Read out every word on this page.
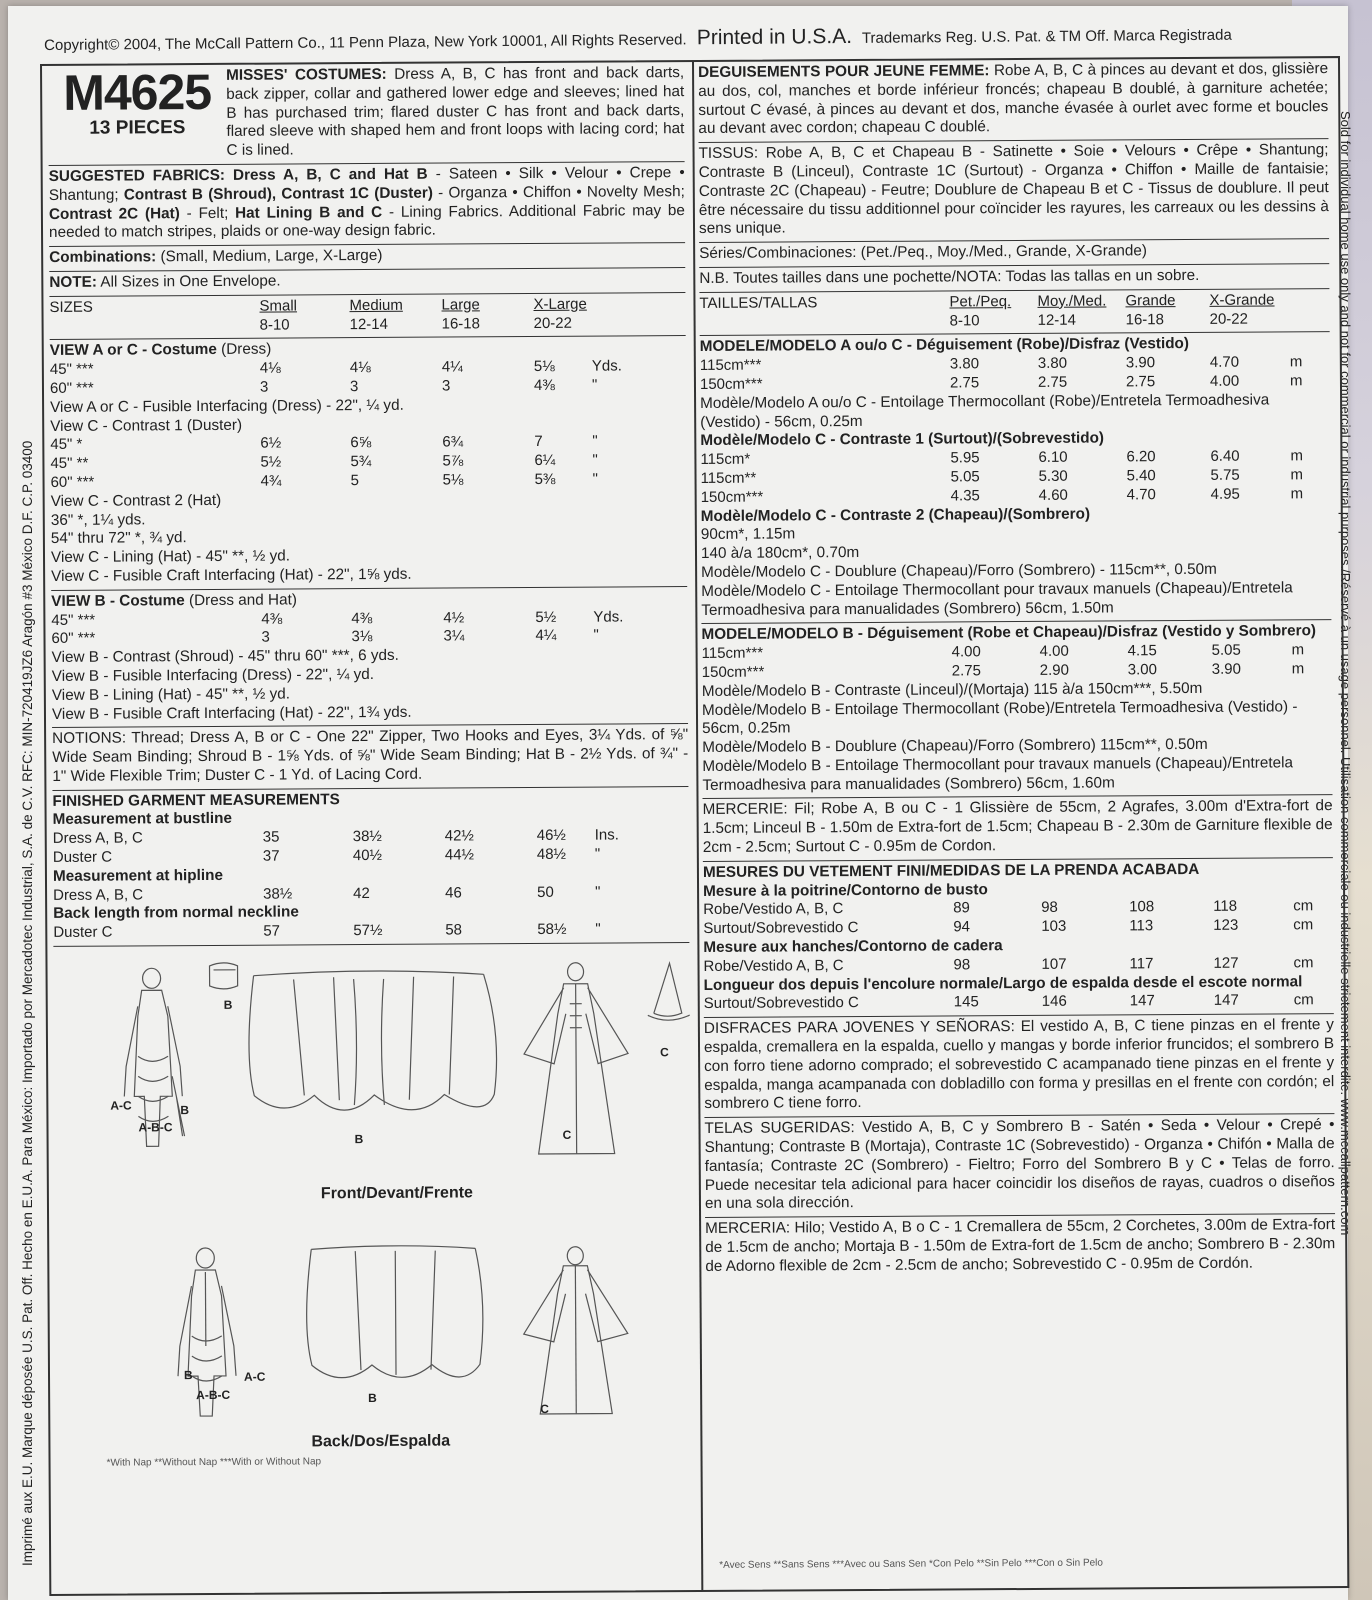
Copyright© 2004, The McCall Pattern Co., 11 Penn Plaza, New York 10001, All Rights Reserved. Printed in U.S.A. Trademarks Reg. U.S. Pat. & TM Off. Marca Registrada
Imprimé aux E.U. Marque déposée U.S. Pat. Off. Hecho en E.U.A. Para México: Importado por Mercadotec Industrial, S.A. de C.V. RFC: MIN-720419JZ6 Aragón #3 México D.F. C.P. 03400	Sold for individual home use only and not for commercial or industrial purposes./Réservé à un usage personnel. Utilisation commerciale ou industrielle strictement interdite. www.mccallpattern.com
M4625
13 PIECES
MISSES' COSTUMES: Dress A, B, C has front and back darts, back zipper, collar and gathered lower edge and sleeves; lined hat B has purchased trim; flared duster C has front and back darts, flared sleeve with shaped hem and front loops with lacing cord; hat C is lined.
SUGGESTED FABRICS: Dress A, B, C and Hat B - Sateen • Silk • Velour • Crepe • Shantung; Contrast B (Shroud), Contrast 1C (Duster) - Organza • Chiffon • Novelty Mesh; Contrast 2C (Hat) - Felt; Hat Lining B and C - Lining Fabrics. Additional Fabric may be needed to match stripes, plaids or one-way design fabric.
Combinations: (Small, Medium, Large, X-Large)
NOTE: All Sizes in One Envelope.
SIZES	Small	Medium	Large	X-Large
	8-10	12-14	16-18	20-22
VIEW A or C - Costume (Dress)
45" ***	4⅛	4⅛	4¼	5⅛	Yds.
60" ***	3	3	3	4⅜	"
View A or C - Fusible Interfacing (Dress) - 22", ¼ yd.
View C - Contrast 1 (Duster)
45" *	6½	6⅝	6¾	7	"
45" **	5½	5¾	5⅞	6¼	"
60" ***	4¾	5	5⅛	5⅜	"
View C - Contrast 2 (Hat)
36" *, 1¼ yds.
54" thru 72" *, ¾ yd.
View C - Lining (Hat) - 45" **, ½ yd.
View C - Fusible Craft Interfacing (Hat) - 22", 1⅝ yds.
VIEW B - Costume (Dress and Hat)
45" ***	4⅜	4⅜	4½	5½	Yds.
60" ***	3	3⅛	3¼	4¼	"
View B - Contrast (Shroud) - 45" thru 60" ***, 6 yds.
View B - Fusible Interfacing (Dress) - 22", ¼ yd.
View B - Lining (Hat) - 45" **, ½ yd.
View B - Fusible Craft Interfacing (Hat) - 22", 1¾ yds.
NOTIONS: Thread; Dress A, B or C - One 22" Zipper, Two Hooks and Eyes, 3¼ Yds. of ⅝" Wide Seam Binding; Shroud B - 1⅝ Yds. of ⅝" Wide Seam Binding; Hat B - 2½ Yds. of ¾" - 1" Wide Flexible Trim; Duster C - 1 Yd. of Lacing Cord.
FINISHED GARMENT MEASUREMENTS
Measurement at bustline
Dress A, B, C	35	38½	42½	46½	Ins.
Duster C	37	40½	44½	48½	"
Measurement at hipline
Dress A, B, C	38½	42	46	50	"
Back length from normal neckline
Duster C	57	57½	58	58½	"
B
A-C	B
A-B-C
B	C
C
Front/Devant/Frente
B	A-C
A-B-C	B
C
Back/Dos/Espalda
*With Nap **Without Nap ***With or Without Nap
DEGUISEMENTS POUR JEUNE FEMME: Robe A, B, C à pinces au devant et dos, glissière au dos, col, manches et borde inférieur froncés; chapeau B doublé, à garniture achetée; surtout C évasé, à pinces au devant et dos, manche évasée à ourlet avec forme et boucles au devant avec cordon; chapeau C doublé.
TISSUS: Robe A, B, C et Chapeau B - Satinette • Soie • Velours • Crêpe • Shantung; Contraste B (Linceul), Contraste 1C (Surtout) - Organza • Chiffon • Maille de fantaisie; Contraste 2C (Chapeau) - Feutre; Doublure de Chapeau B et C - Tissus de doublure. Il peut être nécessaire du tissu additionnel pour coïncider les rayures, les carreaux ou les dessins à sens unique.
Séries/Combinaciones: (Pet./Peq., Moy./Med., Grande, X-Grande)
N.B. Toutes tailles dans une pochette/NOTA: Todas las tallas en un sobre.
TAILLES/TALLAS	Pet./Peq.	Moy./Med.	Grande	X-Grande
	8-10	12-14	16-18	20-22
MODELE/MODELO A ou/o C - Déguisement (Robe)/Disfraz (Vestido)
115cm***	3.80	3.80	3.90	4.70	m
150cm***	2.75	2.75	2.75	4.00	m
Modèle/Modelo A ou/o C - Entoilage Thermocollant (Robe)/Entretela Termoadhesiva (Vestido) - 56cm, 0.25m
Modèle/Modelo C - Contraste 1 (Surtout)/(Sobrevestido)
115cm*	5.95	6.10	6.20	6.40	m
115cm**	5.05	5.30	5.40	5.75	m
150cm***	4.35	4.60	4.70	4.95	m
Modèle/Modelo C - Contraste 2 (Chapeau)/(Sombrero)
90cm*, 1.15m
140 à/a 180cm*, 0.70m
Modèle/Modelo C - Doublure (Chapeau)/Forro (Sombrero) - 115cm**, 0.50m
Modèle/Modelo C - Entoilage Thermocollant pour travaux manuels (Chapeau)/Entretela Termoadhesiva para manualidades (Sombrero) 56cm, 1.50m
MODELE/MODELO B - Déguisement (Robe et Chapeau)/Disfraz (Vestido y Sombrero)
115cm***	4.00	4.00	4.15	5.05	m
150cm***	2.75	2.90	3.00	3.90	m
Modèle/Modelo B - Contraste (Linceul)/(Mortaja) 115 à/a 150cm***, 5.50m
Modèle/Modelo B - Entoilage Thermocollant (Robe)/Entretela Termoadhesiva (Vestido) - 56cm, 0.25m
Modèle/Modelo B - Doublure (Chapeau)/Forro (Sombrero) 115cm**, 0.50m
Modèle/Modelo B - Entoilage Thermocollant pour travaux manuels (Chapeau)/Entretela Termoadhesiva para manualidades (Sombrero) 56cm, 1.60m
MERCERIE: Fil; Robe A, B ou C - 1 Glissière de 55cm, 2 Agrafes, 3.00m d'Extra-fort de 1.5cm; Linceul B - 1.50m de Extra-fort de 1.5cm; Chapeau B - 2.30m de Garniture flexible de 2cm - 2.5cm; Surtout C - 0.95m de Cordon.
MESURES DU VETEMENT FINI/MEDIDAS DE LA PRENDA ACABADA
Mesure à la poitrine/Contorno de busto
Robe/Vestido A, B, C	89	98	108	118	cm
Surtout/Sobrevestido C	94	103	113	123	cm
Mesure aux hanches/Contorno de cadera
Robe/Vestido A, B, C	98	107	117	127	cm
Longueur dos depuis l'encolure normale/Largo de espalda desde el escote normal
Surtout/Sobrevestido C	145	146	147	147	cm
DISFRACES PARA JOVENES Y SEÑORAS: El vestido A, B, C tiene pinzas en el frente y espalda, cremallera en la espalda, cuello y mangas y borde inferior fruncidos; el sombrero B con forro tiene adorno comprado; el sobrevestido C acampanado tiene pinzas en el frente y espalda, manga acampanada con dobladillo con forma y presillas en el frente con cordón; el sombrero C tiene forro.
TELAS SUGERIDAS: Vestido A, B, C y Sombrero B - Satén • Seda • Velour • Crepé • Shantung; Contraste B (Mortaja), Contraste 1C (Sobrevestido) - Organza • Chifón • Malla de fantasía; Contraste 2C (Sombrero) - Fieltro; Forro del Sombrero B y C • Telas de forro. Puede necesitar tela adicional para hacer coincidir los diseños de rayas, cuadros o diseños en una sola dirección.
MERCERIA: Hilo; Vestido A, B o C - 1 Cremallera de 55cm, 2 Corchetes, 3.00m de Extra-fort de 1.5cm de ancho; Mortaja B - 1.50m de Extra-fort de 1.5cm de ancho; Sombrero B - 2.30m de Adorno flexible de 2cm - 2.5cm de ancho; Sobrevestido C - 0.95m de Cordón.
*Avec Sens **Sans Sens ***Avec ou Sans Sen *Con Pelo **Sin Pelo ***Con o Sin Pelo
